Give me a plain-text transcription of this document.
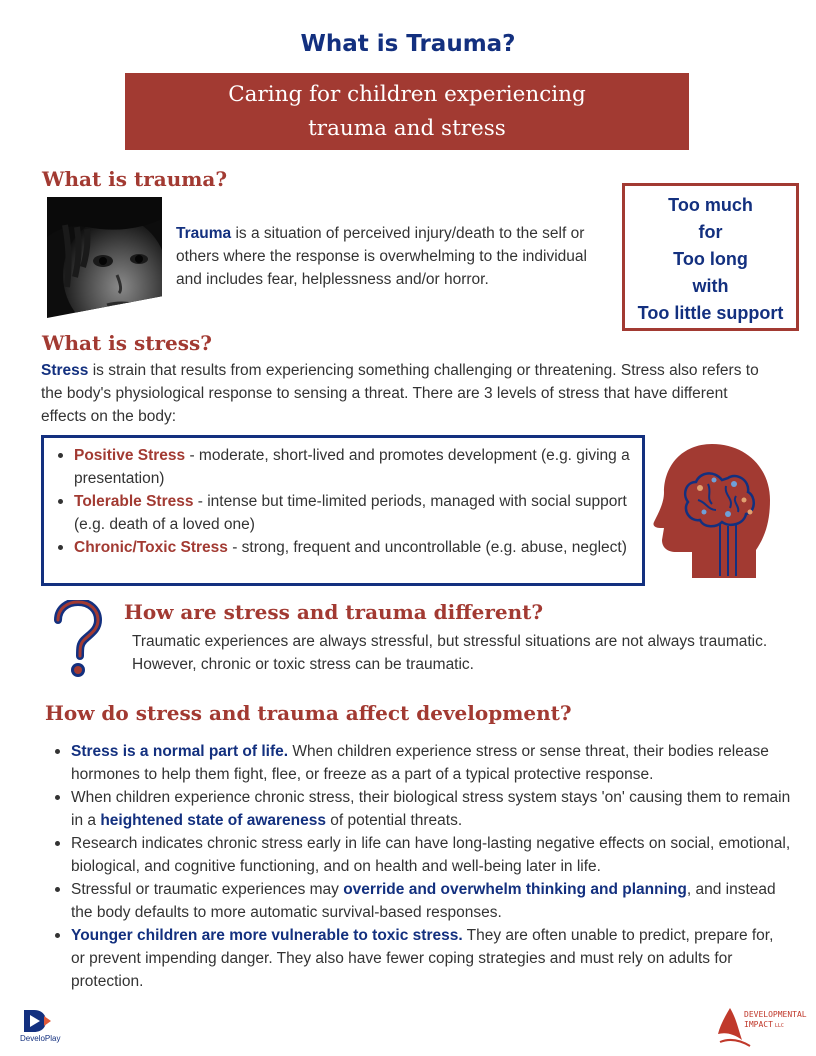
What is Trauma?
Caring for children experiencing
trauma and stress
What is trauma?
Trauma is a situation of perceived injury/death to the self or others where the response is overwhelming to the individual and includes fear, helplessness and/or horror.
Too much
for
Too long
with
Too little support
What is stress?
Stress is strain that results from experiencing something challenging or threatening. Stress also refers to the body's physiological response to sensing a threat. There are 3 levels of stress that have different effects on the body:
Positive Stress - moderate, short-lived and promotes development (e.g. giving a presentation)
Tolerable Stress - intense but time-limited periods, managed with social support (e.g. death of a loved one)
Chronic/Toxic Stress - strong, frequent and uncontrollable (e.g. abuse, neglect)
How are stress and trauma different?
Traumatic experiences are always stressful, but stressful situations are not always traumatic. However, chronic or toxic stress can be traumatic.
How do stress and trauma affect development?
Stress is a normal part of life. When children experience stress or sense threat, their bodies release hormones to help them fight, flee, or freeze as a part of a typical protective response.
When children experience chronic stress, their biological stress system stays 'on' causing them to remain in a heightened state of awareness of potential threats.
Research indicates chronic stress early in life can have long-lasting negative effects on social, emotional, biological, and cognitive functioning, and on health and well-being later in life.
Stressful or traumatic experiences may override and overwhelm thinking and planning, and instead the body defaults to more automatic survival-based responses.
Younger children are more vulnerable to toxic stress. They are often unable to predict, prepare for, or prevent impending danger. They also have fewer coping strategies and must rely on adults for protection.
DeveloPlay
DEVELOPMENTAL
IMPACT LLC
